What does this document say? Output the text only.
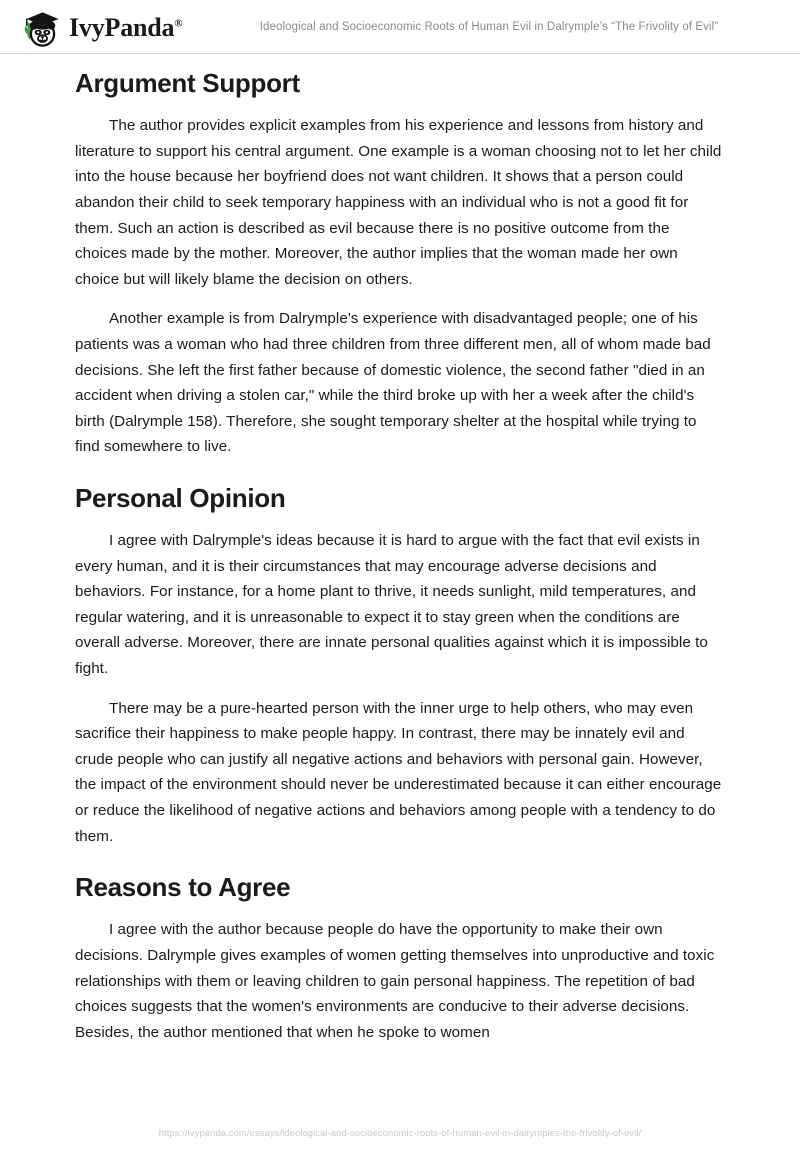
IvyPanda®	Ideological and Socioeconomic Roots of Human Evil in Dalrymple’s “The Frivolity of Evil”
Argument Support

The author provides explicit examples from his experience and lessons from history and literature to support his central argument. One example is a woman choosing not to let her child into the house because her boyfriend does not want children. It shows that a person could abandon their child to seek temporary happiness with an individual who is not a good fit for them. Such an action is described as evil because there is no positive outcome from the choices made by the mother. Moreover, the author implies that the woman made her own choice but will likely blame the decision on others.

Another example is from Dalrymple's experience with disadvantaged people; one of his patients was a woman who had three children from three different men, all of whom made bad decisions. She left the first father because of domestic violence, the second father "died in an accident when driving a stolen car," while the third broke up with her a week after the child's birth (Dalrymple 158). Therefore, she sought temporary shelter at the hospital while trying to find somewhere to live.

Personal Opinion

I agree with Dalrymple's ideas because it is hard to argue with the fact that evil exists in every human, and it is their circumstances that may encourage adverse decisions and behaviors. For instance, for a home plant to thrive, it needs sunlight, mild temperatures, and regular watering, and it is unreasonable to expect it to stay green when the conditions are overall adverse. Moreover, there are innate personal qualities against which it is impossible to fight.

There may be a pure-hearted person with the inner urge to help others, who may even sacrifice their happiness to make people happy. In contrast, there may be innately evil and crude people who can justify all negative actions and behaviors with personal gain. However, the impact of the environment should never be underestimated because it can either encourage or reduce the likelihood of negative actions and behaviors among people with a tendency to do them.

Reasons to Agree

I agree with the author because people do have the opportunity to make their own decisions. Dalrymple gives examples of women getting themselves into unproductive and toxic relationships with them or leaving children to gain personal happiness. The repetition of bad choices suggests that the women's environments are conducive to their adverse decisions. Besides, the author mentioned that when he spoke to women

https://ivypanda.com/essays/ideological-and-socioeconomic-roots-of-human-evil-in-dalrymples-the-frivolity-of-evil/
